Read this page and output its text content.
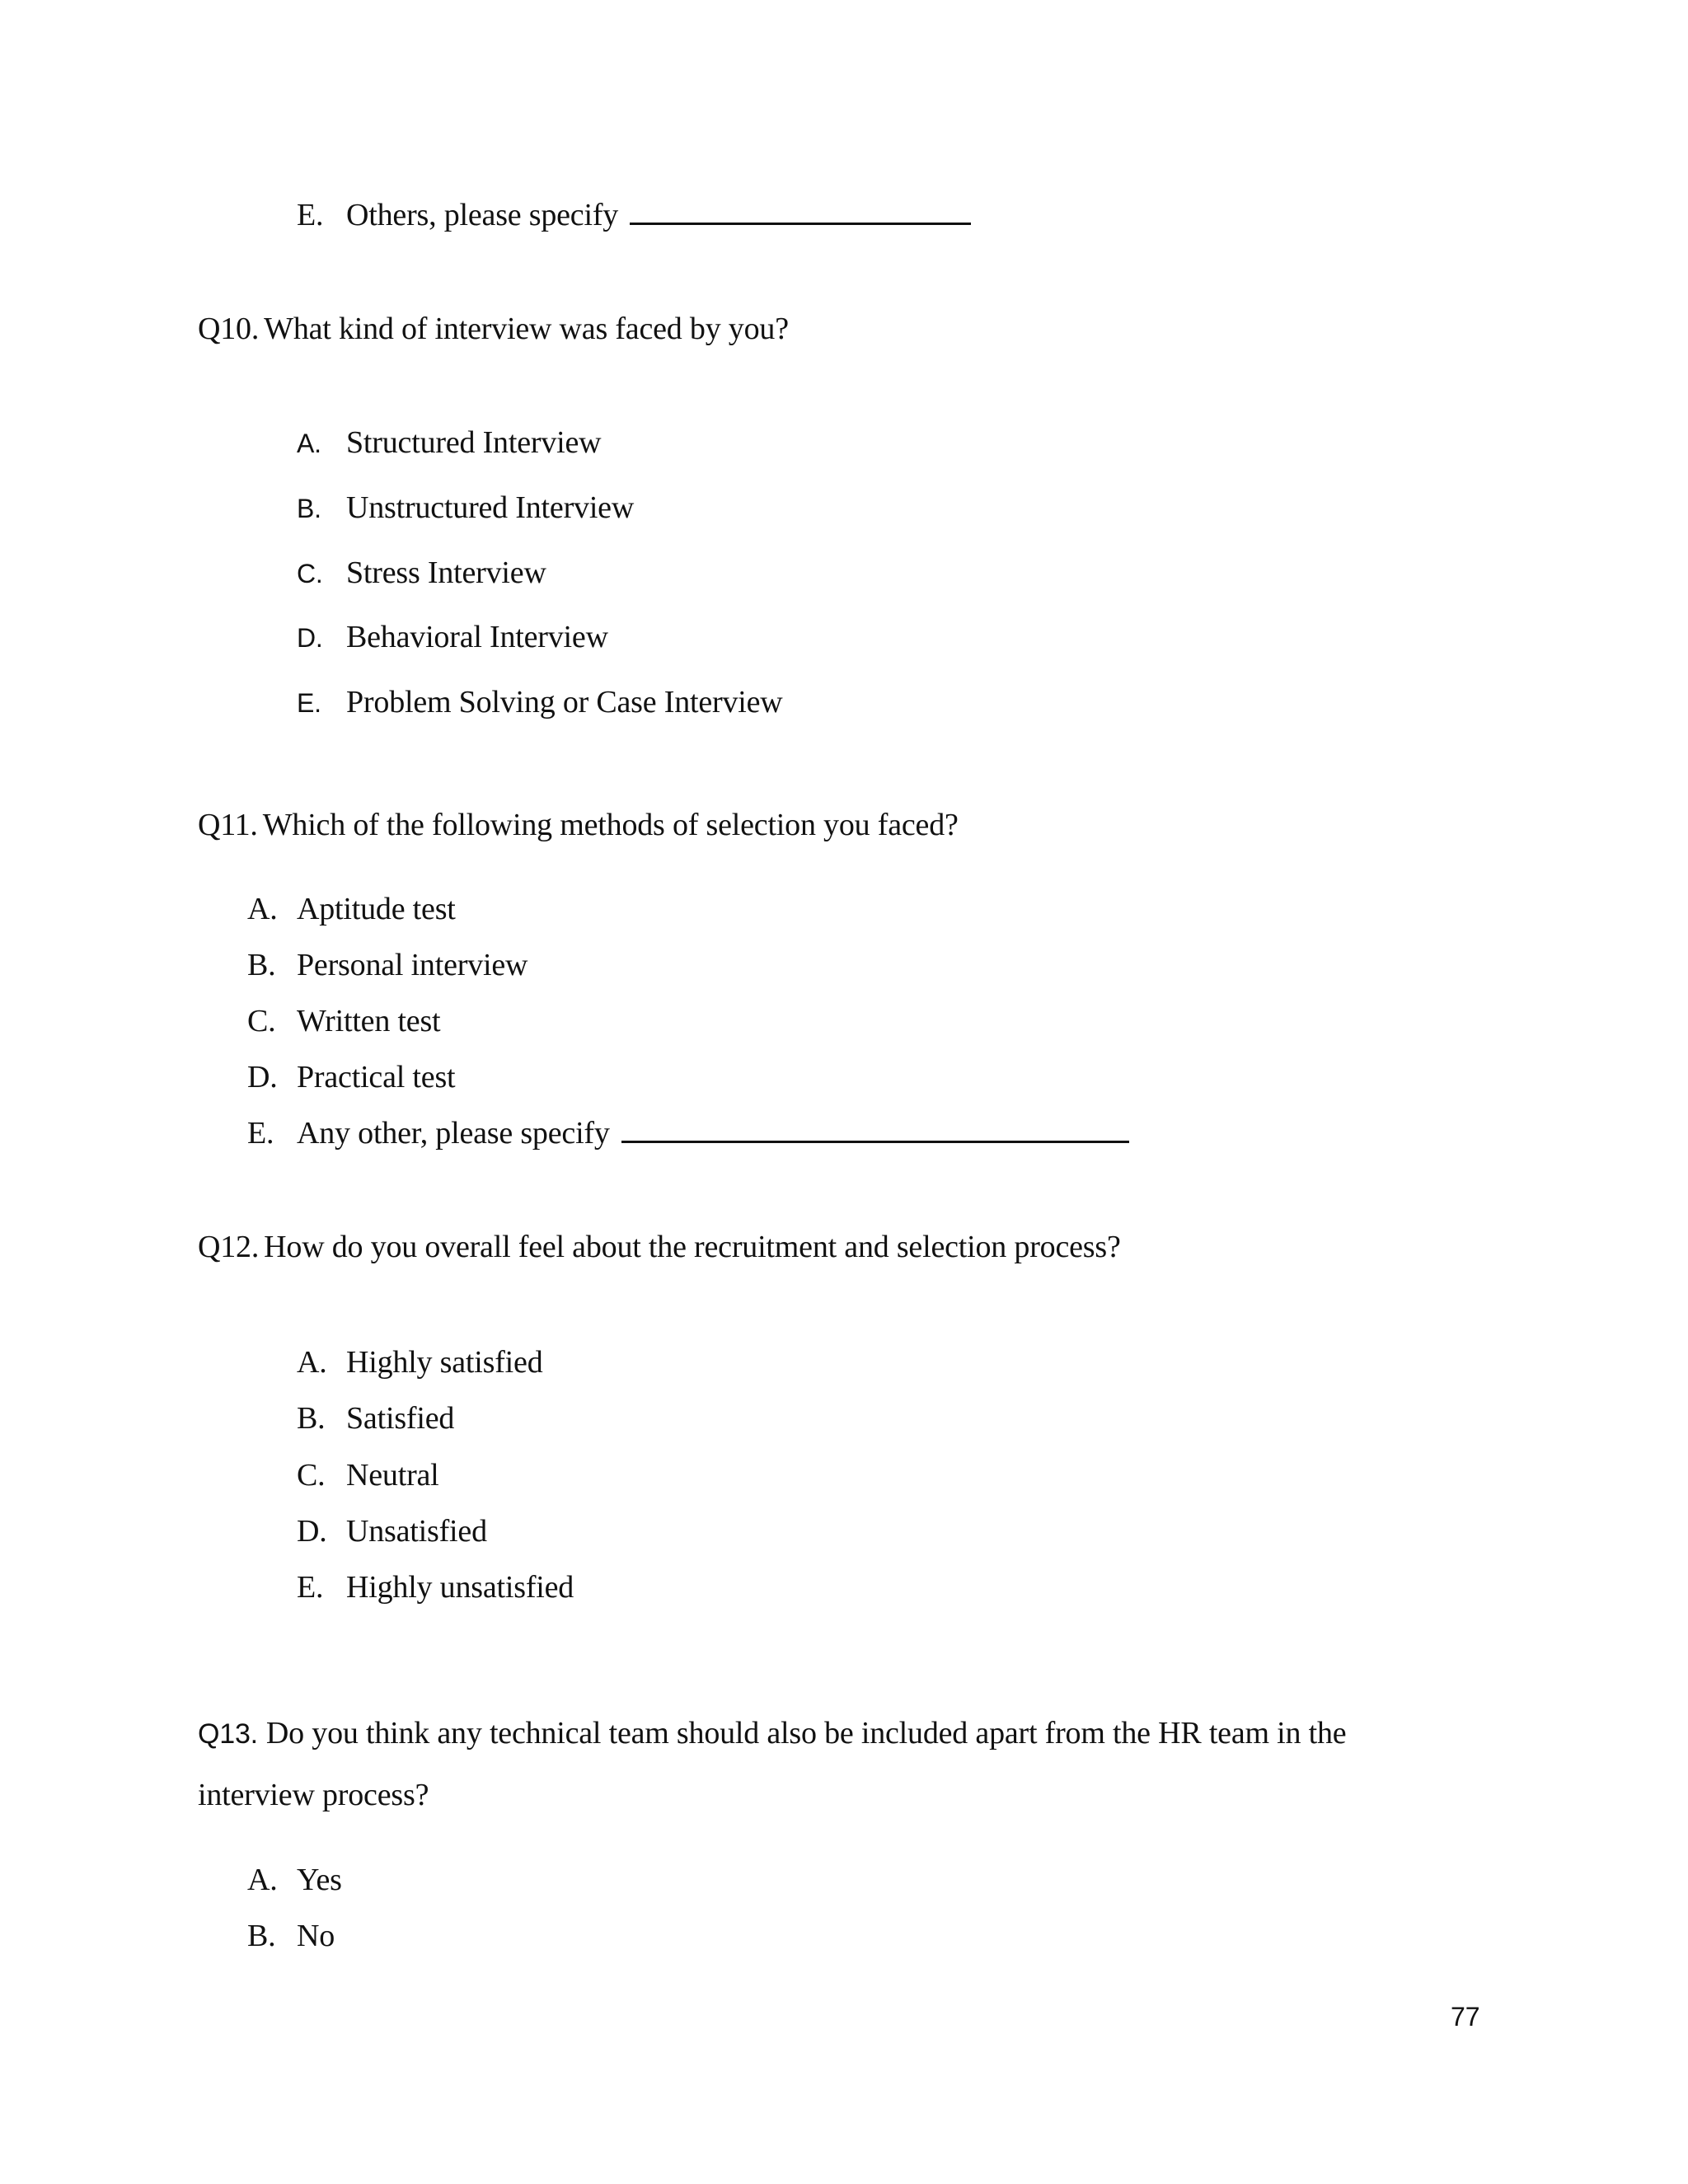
E. Others, please specify
Q10. What kind of interview was faced by you?
A. Structured Interview
B. Unstructured Interview
C. Stress Interview
D. Behavioral Interview
E. Problem Solving or Case Interview
Q11. Which of the following methods of selection you faced?
A. Aptitude test
B. Personal interview
C. Written test
D. Practical test
E. Any other, please specify
Q12. How do you overall feel about the recruitment and selection process?
A. Highly satisfied
B. Satisfied
C. Neutral
D. Unsatisfied
E. Highly unsatisfied
Q13. Do you think any technical team should also be included apart from the HR team in the
interview process?
A. Yes
B. No
77
